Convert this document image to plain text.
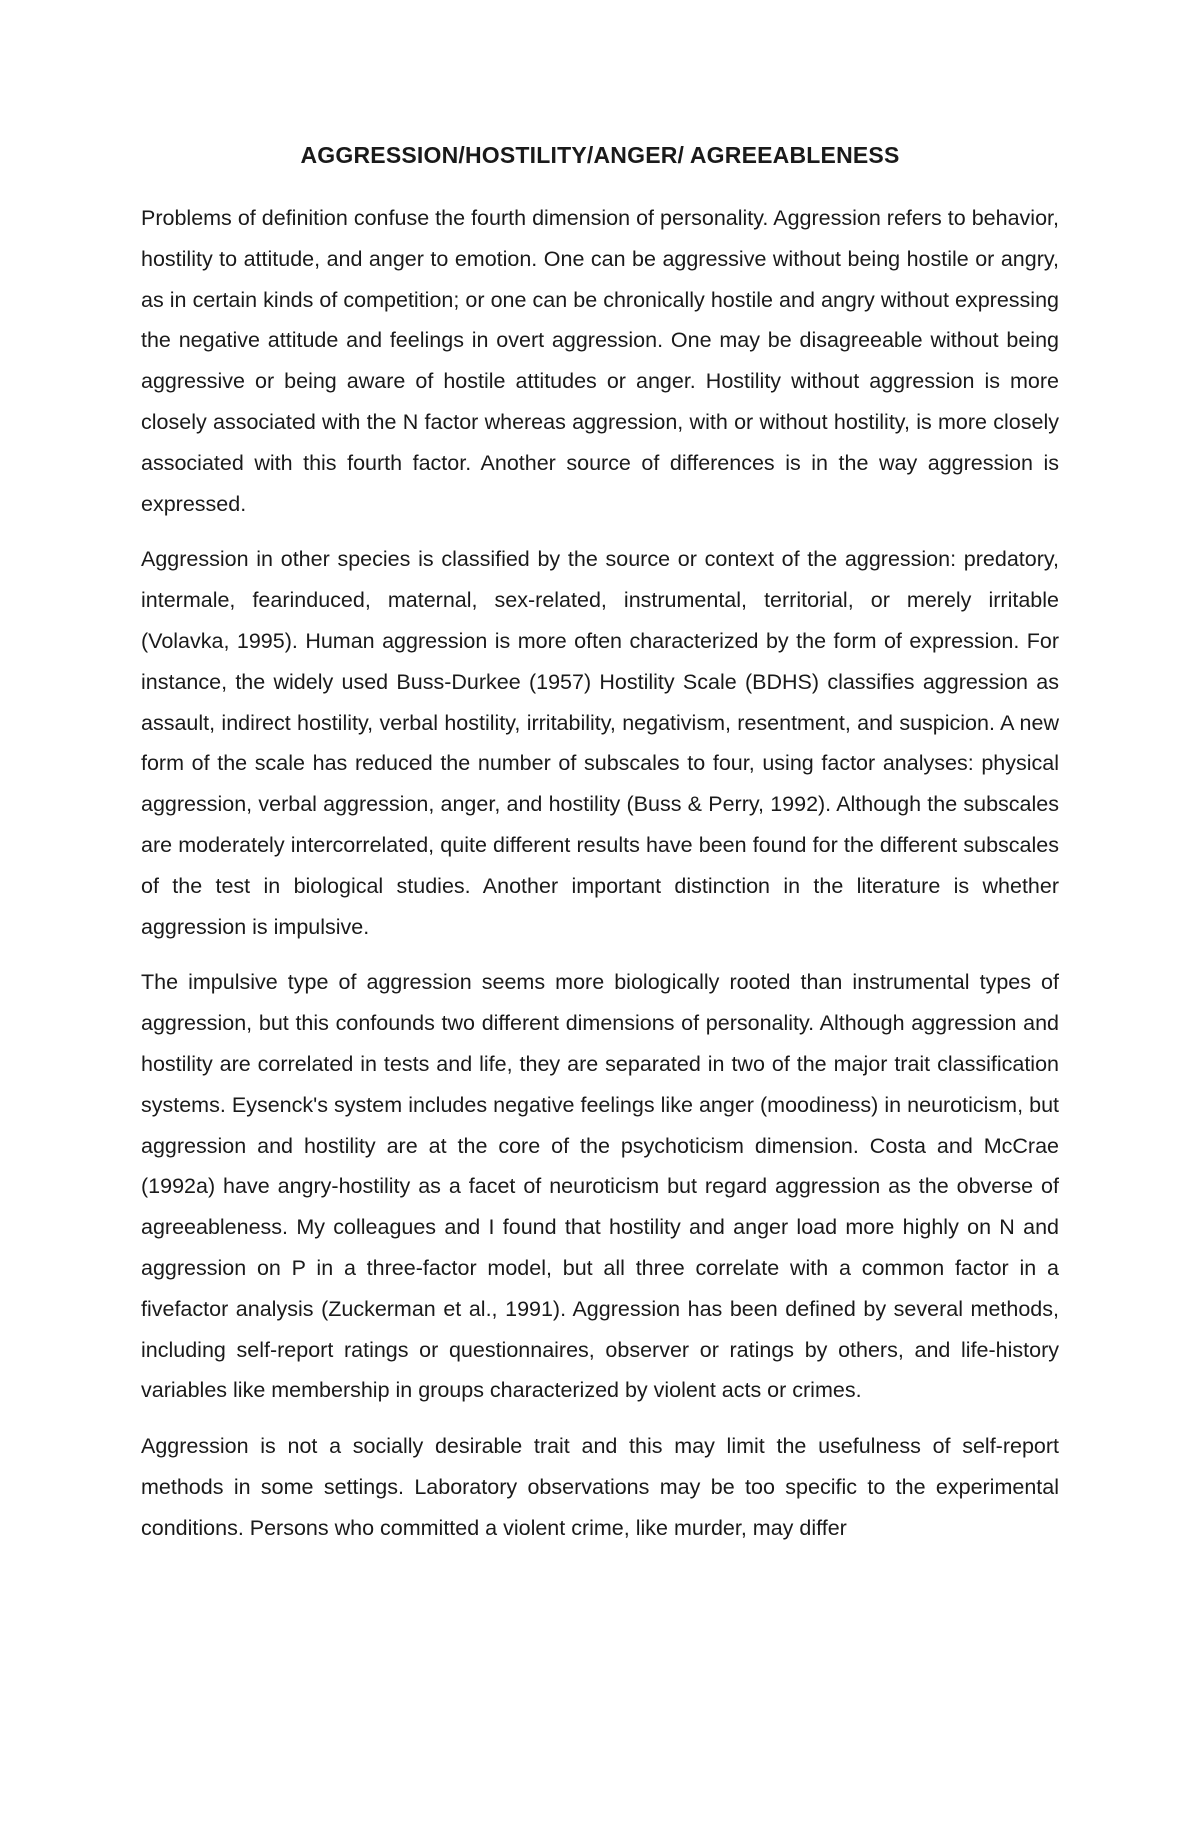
AGGRESSION/HOSTILITY/ANGER/ AGREEABLENESS

Problems of definition confuse the fourth dimension of personality. Aggression refers to behavior, hostility to attitude, and anger to emotion. One can be aggressive without being hostile or angry, as in certain kinds of competition; or one can be chronically hostile and angry without expressing the negative attitude and feelings in overt aggression. One may be disagreeable without being aggressive or being aware of hostile attitudes or anger. Hostility without aggression is more closely associated with the N factor whereas aggression, with or without hostility, is more closely associated with this fourth factor. Another source of differences is in the way aggression is expressed.

Aggression in other species is classified by the source or context of the aggression: predatory, intermale, fearinduced, maternal, sex-related, instrumental, territorial, or merely irritable (Volavka, 1995). Human aggression is more often characterized by the form of expression. For instance, the widely used Buss-Durkee (1957) Hostility Scale (BDHS) classifies aggression as assault, indirect hostility, verbal hostility, irritability, negativism, resentment, and suspicion. A new form of the scale has reduced the number of subscales to four, using factor analyses: physical aggression, verbal aggression, anger, and hostility (Buss & Perry, 1992). Although the subscales are moderately intercorrelated, quite different results have been found for the different subscales of the test in biological studies. Another important distinction in the literature is whether aggression is impulsive.

The impulsive type of aggression seems more biologically rooted than instrumental types of aggression, but this confounds two different dimensions of personality. Although aggression and hostility are correlated in tests and life, they are separated in two of the major trait classification systems. Eysenck's system includes negative feelings like anger (moodiness) in neuroticism, but aggression and hostility are at the core of the psychoticism dimension. Costa and McCrae (1992a) have angry-hostility as a facet of neuroticism but regard aggression as the obverse of agreeableness. My colleagues and I found that hostility and anger load more highly on N and aggression on P in a three-factor model, but all three correlate with a common factor in a fivefactor analysis (Zuckerman et al., 1991). Aggression has been defined by several methods, including self-report ratings or questionnaires, observer or ratings by others, and life-history variables like membership in groups characterized by violent acts or crimes.

Aggression is not a socially desirable trait and this may limit the usefulness of self-report methods in some settings. Laboratory observations may be too specific to the experimental conditions. Persons who committed a violent crime, like murder, may differ
